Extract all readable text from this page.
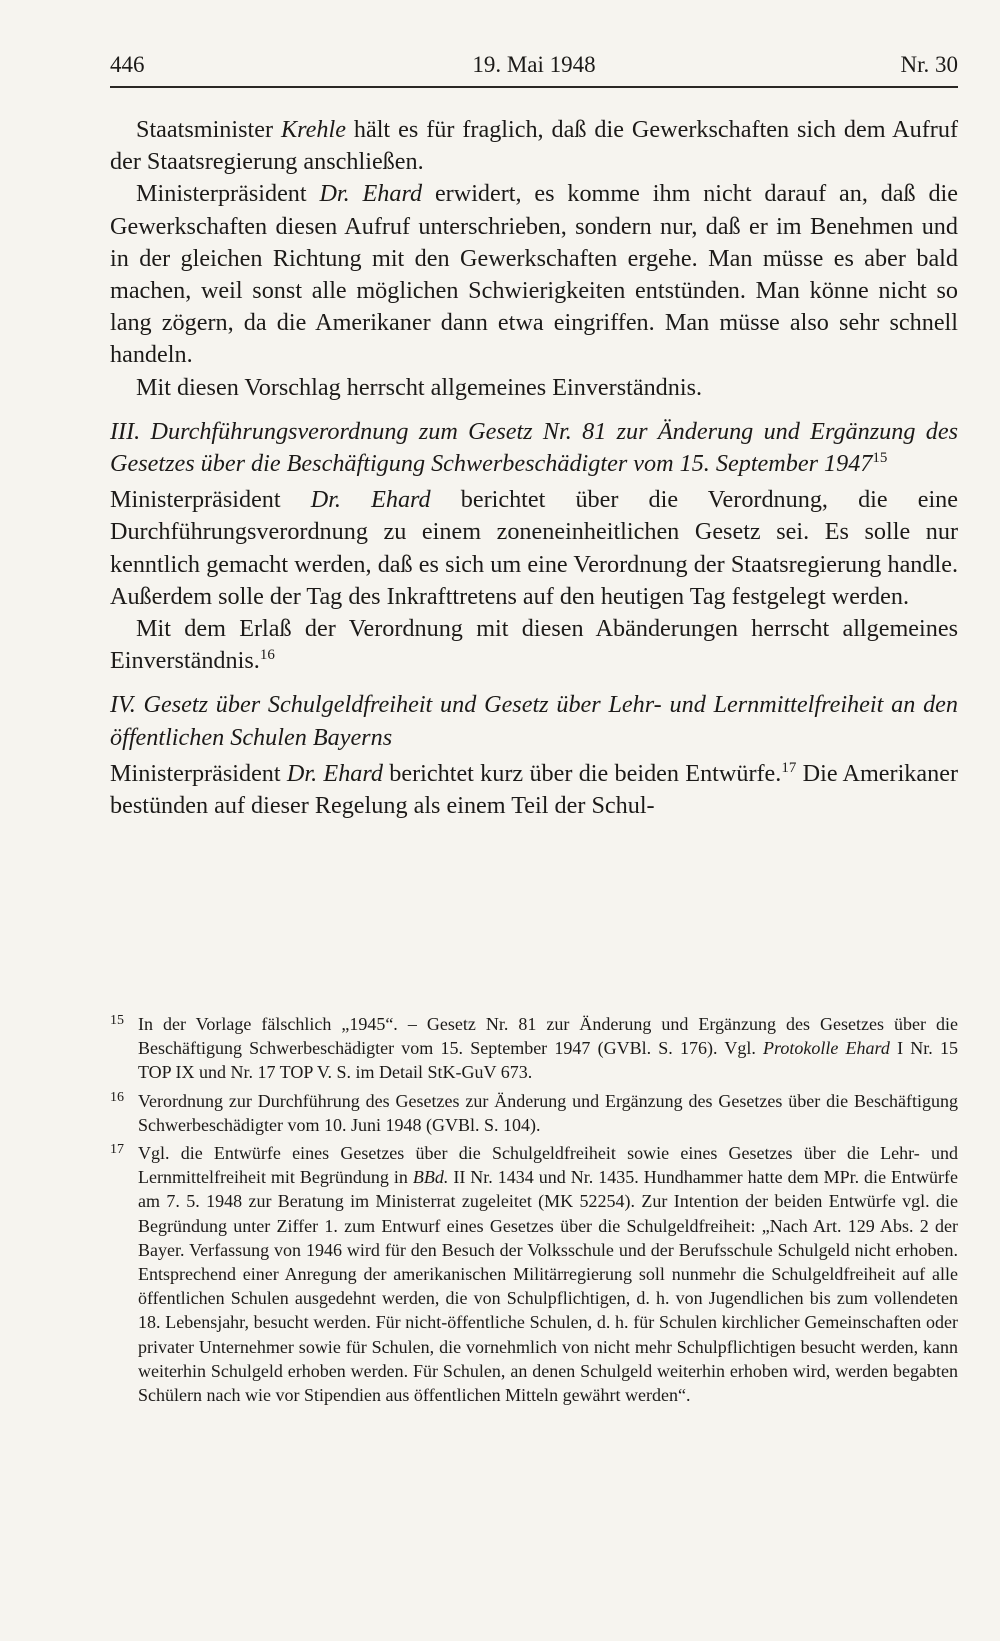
446	19. Mai 1948	Nr. 30

Staatsminister Krehle hält es für fraglich, daß die Gewerkschaften sich dem Aufruf der Staatsregierung anschließen.

Ministerpräsident Dr. Ehard erwidert, es komme ihm nicht darauf an, daß die Gewerkschaften diesen Aufruf unterschrieben, sondern nur, daß er im Benehmen und in der gleichen Richtung mit den Gewerkschaften ergehe. Man müsse es aber bald machen, weil sonst alle möglichen Schwierigkeiten entstünden. Man könne nicht so lang zögern, da die Amerikaner dann etwa eingriffen. Man müsse also sehr schnell handeln.

Mit diesen Vorschlag herrscht allgemeines Einverständnis.

III. Durchführungsverordnung zum Gesetz Nr. 81 zur Änderung und Ergänzung des Gesetzes über die Beschäftigung Schwerbeschädigter vom 15. September 1947$^{15}$

Ministerpräsident Dr. Ehard berichtet über die Verordnung, die eine Durchführungsverordnung zu einem zoneneinheitlichen Gesetz sei. Es solle nur kenntlich gemacht werden, daß es sich um eine Verordnung der Staatsregierung handle. Außerdem solle der Tag des Inkrafttretens auf den heutigen Tag festgelegt werden.

Mit dem Erlaß der Verordnung mit diesen Abänderungen herrscht allgemeines Einverständnis.$^{16}$

IV. Gesetz über Schulgeldfreiheit und Gesetz über Lehr- und Lernmittelfreiheit an den öffentlichen Schulen Bayerns

Ministerpräsident Dr. Ehard berichtet kurz über die beiden Entwürfe.$^{17}$ Die Amerikaner bestünden auf dieser Regelung als einem Teil der Schul-

15 In der Vorlage fälschlich „1945“. – Gesetz Nr. 81 zur Änderung und Ergänzung des Gesetzes über die Beschäftigung Schwerbeschädigter vom 15. September 1947 (GVBl. S. 176). Vgl. Protokolle Ehard I Nr. 15 TOP IX und Nr. 17 TOP V. S. im Detail StK-GuV 673.
16 Verordnung zur Durchführung des Gesetzes zur Änderung und Ergänzung des Gesetzes über die Beschäftigung Schwerbeschädigter vom 10. Juni 1948 (GVBl. S. 104).
17 Vgl. die Entwürfe eines Gesetzes über die Schulgeldfreiheit sowie eines Gesetzes über die Lehr- und Lernmittelfreiheit mit Begründung in BBd. II Nr. 1434 und Nr. 1435. Hundhammer hatte dem MPr. die Entwürfe am 7. 5. 1948 zur Beratung im Ministerrat zugeleitet (MK 52254). Zur Intention der beiden Entwürfe vgl. die Begründung unter Ziffer 1. zum Entwurf eines Gesetzes über die Schulgeldfreiheit: „Nach Art. 129 Abs. 2 der Bayer. Verfassung von 1946 wird für den Besuch der Volksschule und der Berufsschule Schulgeld nicht erhoben. Entsprechend einer Anregung der amerikanischen Militärregierung soll nunmehr die Schulgeldfreiheit auf alle öffentlichen Schulen ausgedehnt werden, die von Schulpflichtigen, d. h. von Jugendlichen bis zum vollendeten 18. Lebensjahr, besucht werden. Für nicht-öffentliche Schulen, d. h. für Schulen kirchlicher Gemeinschaften oder privater Unternehmer sowie für Schulen, die vornehmlich von nicht mehr Schulpflichtigen besucht werden, kann weiterhin Schulgeld erhoben werden. Für Schulen, an denen Schulgeld weiterhin erhoben wird, werden begabten Schülern nach wie vor Stipendien aus öffentlichen Mitteln gewährt werden“.
